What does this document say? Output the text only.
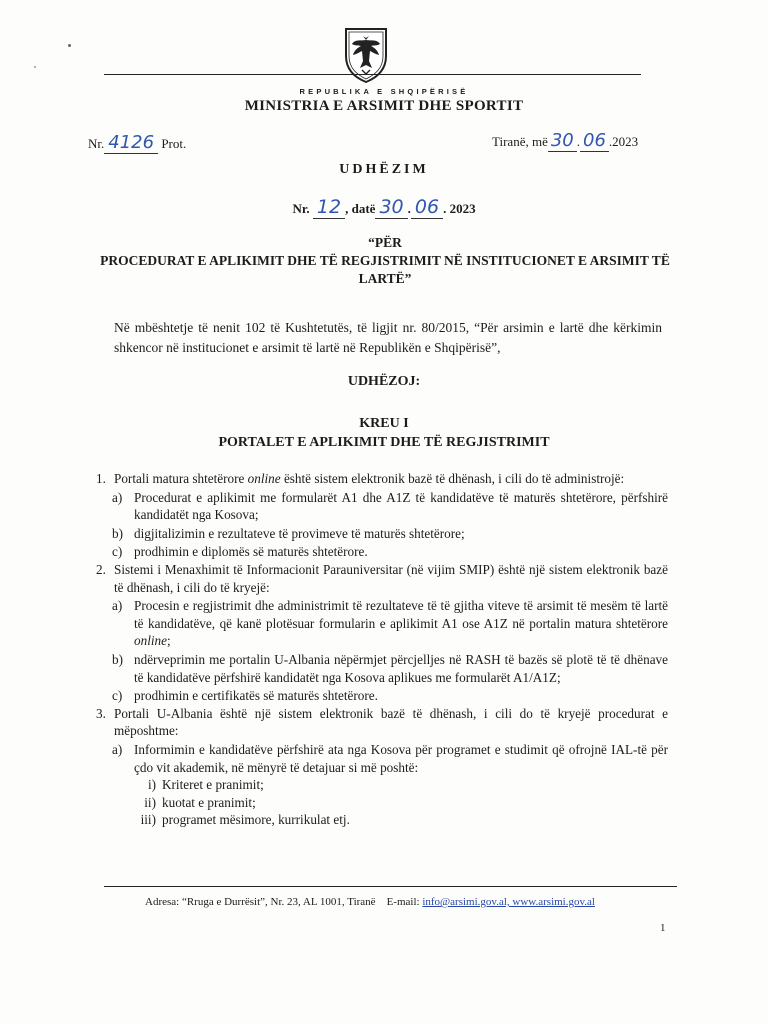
REPUBLIKA E SHQIPËRISË
MINISTRIA E ARSIMIT DHE SPORTIT
Nr. 4126 Prot.	Tiranë, më 30 . 06 .2023
UDHËZIM
Nr. 12 , datë 30 . 06 . 2023
“PËR
PROCEDURAT E APLIKIMIT DHE TË REGJISTRIMIT NË INSTITUCIONET E ARSIMIT TË LARTË”
Në mbështetje të nenit 102 të Kushtetutës, të ligjit nr. 80/2015, “Për arsimin e lartë dhe kërkimin shkencor në institucionet e arsimit të lartë në Republikën e Shqipërisë”,
UDHËZOJ:
KREU I
PORTALET E APLIKIMIT DHE TË REGJISTRIMIT
1. Portali matura shtetërore online është sistem elektronik bazë të dhënash, i cili do të administrojë:
a) Procedurat e aplikimit me formularët A1 dhe A1Z të kandidatëve të maturës shtetërore, përfshirë kandidatët nga Kosova;
b) digjitalizimin e rezultateve të provimeve të maturës shtetërore;
c) prodhimin e diplomës së maturës shtetërore.
2. Sistemi i Menaxhimit të Informacionit Parauniversitar (në vijim SMIP) është një sistem elektronik bazë të dhënash, i cili do të kryejë:
a) Procesin e regjistrimit dhe administrimit të rezultateve të të gjitha viteve të arsimit të mesëm të lartë të kandidatëve, që kanë plotësuar formularin e aplikimit A1 ose A1Z në portalin matura shtetërore online;
b) ndërveprimin me portalin U-Albania nëpërmjet përcjelljes në RASH të bazës së plotë të të dhënave të kandidatëve përfshirë kandidatët nga Kosova aplikues me formularët A1/A1Z;
c) prodhimin e certifikatës së maturës shtetërore.
3. Portali U-Albania është një sistem elektronik bazë të dhënash, i cili do të kryejë procedurat e mëposhtme:
a) Informimin e kandidatëve përfshirë ata nga Kosova për programet e studimit që ofrojnë IAL-të për çdo vit akademik, në mënyrë të detajuar si më poshtë:
i) Kriteret e pranimit;
ii) kuotat e pranimit;
iii) programet mësimore, kurrikulat etj.
Adresa: “Rruga e Durrësit”, Nr. 23, AL 1001, Tiranë E-mail: info@arsimi.gov.al, www.arsimi.gov.al
1
